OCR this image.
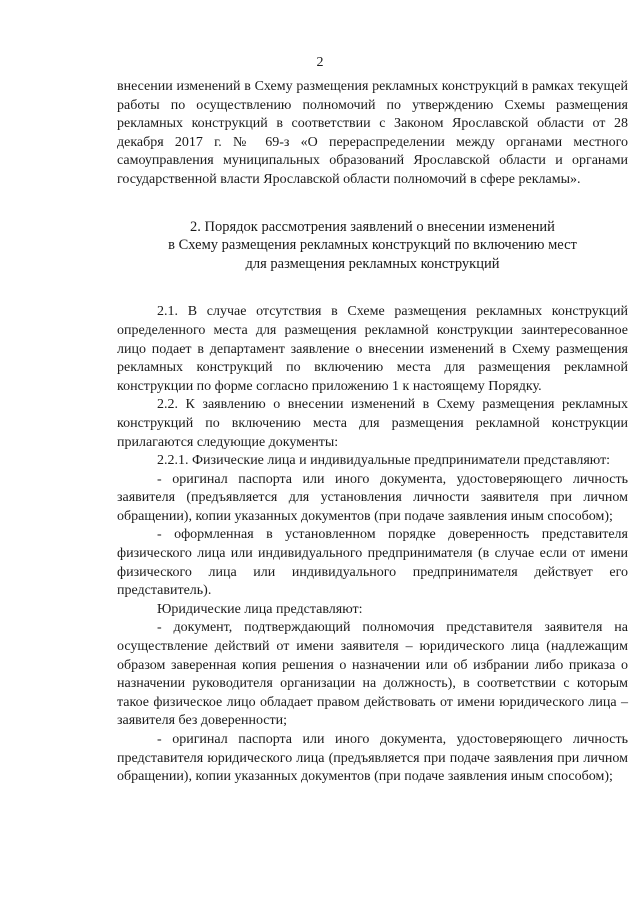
2

внесении изменений в Схему размещения рекламных конструкций в рамках текущей работы по осуществлению полномочий по утверждению Схемы размещения рекламных конструкций в соответствии с Законом Ярославской области от 28 декабря 2017 г. № 69-з «О перераспределении между органами местного самоуправления муниципальных образований Ярославской области и органами государственной власти Ярославской области полномочий в сфере рекламы».

2. Порядок рассмотрения заявлений о внесении изменений
в Схему размещения рекламных конструкций по включению мест
для размещения рекламных конструкций

2.1. В случае отсутствия в Схеме размещения рекламных конструкций определенного места для размещения рекламной конструкции заинтересованное лицо подает в департамент заявление о внесении изменений в Схему размещения рекламных конструкций по включению места для размещения рекламной конструкции по форме согласно приложению 1 к настоящему Порядку.

2.2. К заявлению о внесении изменений в Схему размещения рекламных конструкций по включению места для размещения рекламной конструкции прилагаются следующие документы:

2.2.1. Физические лица и индивидуальные предприниматели представляют:

- оригинал паспорта или иного документа, удостоверяющего личность заявителя (предъявляется для установления личности заявителя при личном обращении), копии указанных документов (при подаче заявления иным способом);

- оформленная в установленном порядке доверенность представителя физического лица или индивидуального предпринимателя (в случае если от имени физического лица или индивидуального предпринимателя действует его представитель).

Юридические лица представляют:

- документ, подтверждающий полномочия представителя заявителя на осуществление действий от имени заявителя – юридического лица (надлежащим образом заверенная копия решения о назначении или об избрании либо приказа о назначении руководителя организации на должность), в соответствии с которым такое физическое лицо обладает правом действовать от имени юридического лица – заявителя без доверенности;

- оригинал паспорта или иного документа, удостоверяющего личность представителя юридического лица (предъявляется при подаче заявления при личном обращении), копии указанных документов (при подаче заявления иным способом);
